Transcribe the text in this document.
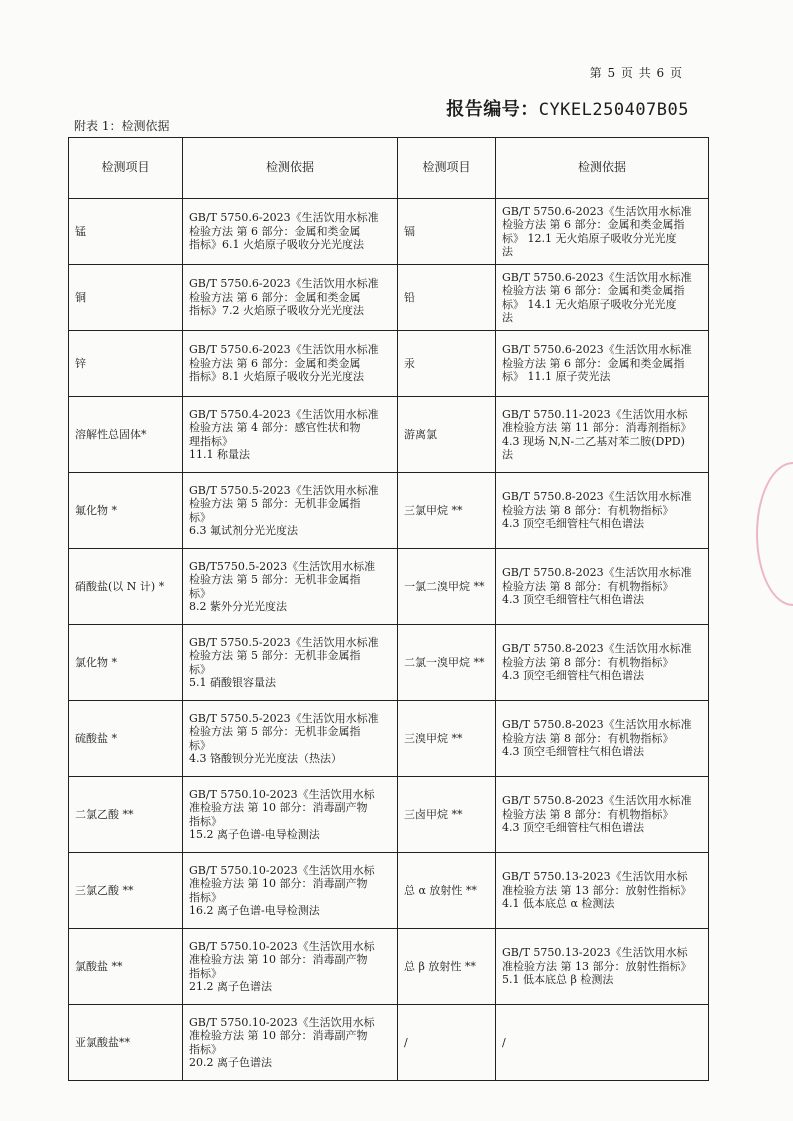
第 5 页 共 6 页
报告编号：CYKEL250407B05
附表 1：检测依据
检测项目	检测依据	检测项目	检测依据
锰	GB/T 5750.6-2023《生活饮用水标准
检验方法 第 6 部分：金属和类金属
指标》6.1 火焰原子吸收分光光度法	镉	GB/T 5750.6-2023《生活饮用水标准
检验方法 第 6 部分：金属和类金属指
标》 12.1 无火焰原子吸收分光光度
法
铜	GB/T 5750.6-2023《生活饮用水标准
检验方法 第 6 部分：金属和类金属
指标》7.2 火焰原子吸收分光光度法	铅	GB/T 5750.6-2023《生活饮用水标准
检验方法 第 6 部分：金属和类金属指
标》 14.1 无火焰原子吸收分光光度
法
锌	GB/T 5750.6-2023《生活饮用水标准
检验方法 第 6 部分：金属和类金属
指标》8.1 火焰原子吸收分光光度法	汞	GB/T 5750.6-2023《生活饮用水标准
检验方法 第 6 部分：金属和类金属指
标》 11.1 原子荧光法
溶解性总固体*	GB/T 5750.4-2023《生活饮用水标准
检验方法 第 4 部分：感官性状和物
理指标》
11.1 称量法	游离氯	GB/T 5750.11-2023《生活饮用水标
准检验方法 第 11 部分：消毒剂指标》
4.3 现场 N,N-二乙基对苯二胺(DPD)
法
氟化物 *	GB/T 5750.5-2023《生活饮用水标准
检验方法 第 5 部分：无机非金属指
标》
6.3 氟试剂分光光度法	三氯甲烷 **	GB/T 5750.8-2023《生活饮用水标准
检验方法 第 8 部分：有机物指标》
4.3 顶空毛细管柱气相色谱法
硝酸盐(以 N 计) *	GB/T5750.5-2023《生活饮用水标准
检验方法 第 5 部分：无机非金属指
标》
8.2 紫外分光光度法	一氯二溴甲烷 **	GB/T 5750.8-2023《生活饮用水标准
检验方法 第 8 部分：有机物指标》
4.3 顶空毛细管柱气相色谱法
氯化物 *	GB/T 5750.5-2023《生活饮用水标准
检验方法 第 5 部分：无机非金属指
标》
5.1 硝酸银容量法	二氯一溴甲烷 **	GB/T 5750.8-2023《生活饮用水标准
检验方法 第 8 部分：有机物指标》
4.3 顶空毛细管柱气相色谱法
硫酸盐 *	GB/T 5750.5-2023《生活饮用水标准
检验方法 第 5 部分：无机非金属指
标》
4.3 铬酸钡分光光度法（热法）	三溴甲烷 **	GB/T 5750.8-2023《生活饮用水标准
检验方法 第 8 部分：有机物指标》
4.3 顶空毛细管柱气相色谱法
二氯乙酸 **	GB/T 5750.10-2023《生活饮用水标
准检验方法 第 10 部分：消毒副产物
指标》
15.2 离子色谱-电导检测法	三卤甲烷 **	GB/T 5750.8-2023《生活饮用水标准
检验方法 第 8 部分：有机物指标》
4.3 顶空毛细管柱气相色谱法
三氯乙酸 **	GB/T 5750.10-2023《生活饮用水标
准检验方法 第 10 部分：消毒副产物
指标》
16.2 离子色谱-电导检测法	总 α 放射性 **	GB/T 5750.13-2023《生活饮用水标
准检验方法 第 13 部分：放射性指标》
4.1 低本底总 α 检测法
氯酸盐 **	GB/T 5750.10-2023《生活饮用水标
准检验方法 第 10 部分：消毒副产物
指标》
21.2 离子色谱法	总 β 放射性 **	GB/T 5750.13-2023《生活饮用水标
准检验方法 第 13 部分：放射性指标》
5.1 低本底总 β 检测法
亚氯酸盐**	GB/T 5750.10-2023《生活饮用水标
准检验方法 第 10 部分：消毒副产物
指标》
20.2 离子色谱法	/	/
